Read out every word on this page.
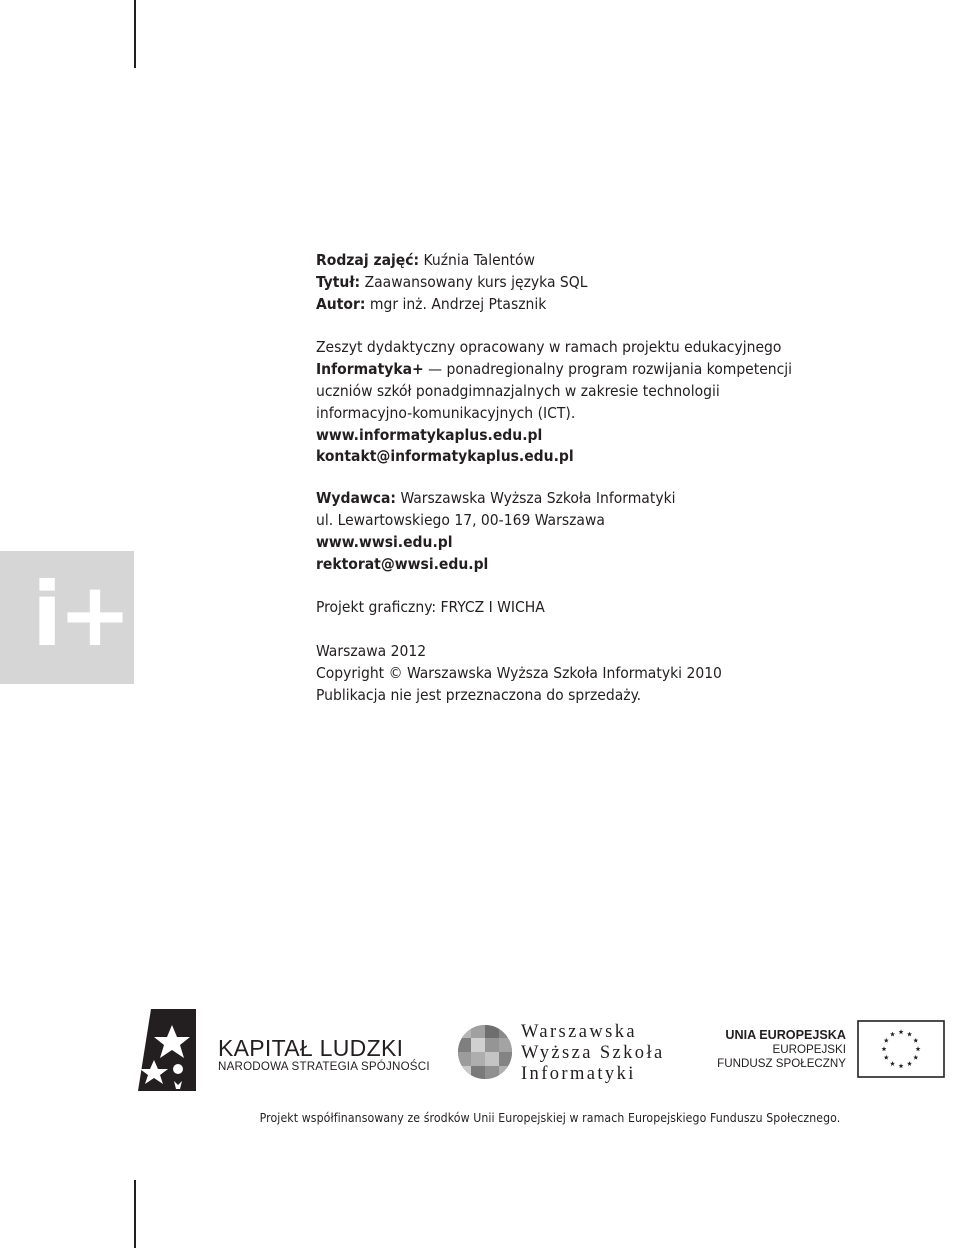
Rodzaj zajęć: Kuźnia Talentów

Tytuł: Zaawansowany kurs języka SQL

Autor: mgr inż. Andrzej Ptasznik

Zeszyt dydaktyczny opracowany w ramach projektu edukacyjnego

Informatyka+ — ponadregionalny program rozwijania kompetencji

uczniów szkół ponadgimnazjalnych w zakresie technologii

informacyjno-komunikacyjnych (ICT).

www.informatykaplus.edu.pl

kontakt@informatykaplus.edu.pl

Wydawca: Warszawska Wyższa Szkoła Informatyki

ul. Lewartowskiego 17, 00-169 Warszawa

www.wwsi.edu.pl

rektorat@wwsi.edu.pl

Projekt graficzny: FRYCZ I WICHA

Warszawa 2012

Copyright © Warszawska Wyższa Szkoła Informatyki 2010

Publikacja nie jest przeznaczona do sprzedaży.

i+
KAPITAŁ LUDZKI
NARODOWA STRATEGIA SPÓJNOŚCI
Warszawska
Wyższa Szkoła
Informatyki
UNIA EUROPEJSKA
EUROPEJSKI
FUNDUSZ SPOŁECZNY
Projekt współfinansowany ze środków Unii Europejskiej w ramach Europejskiego Funduszu Społecznego.
